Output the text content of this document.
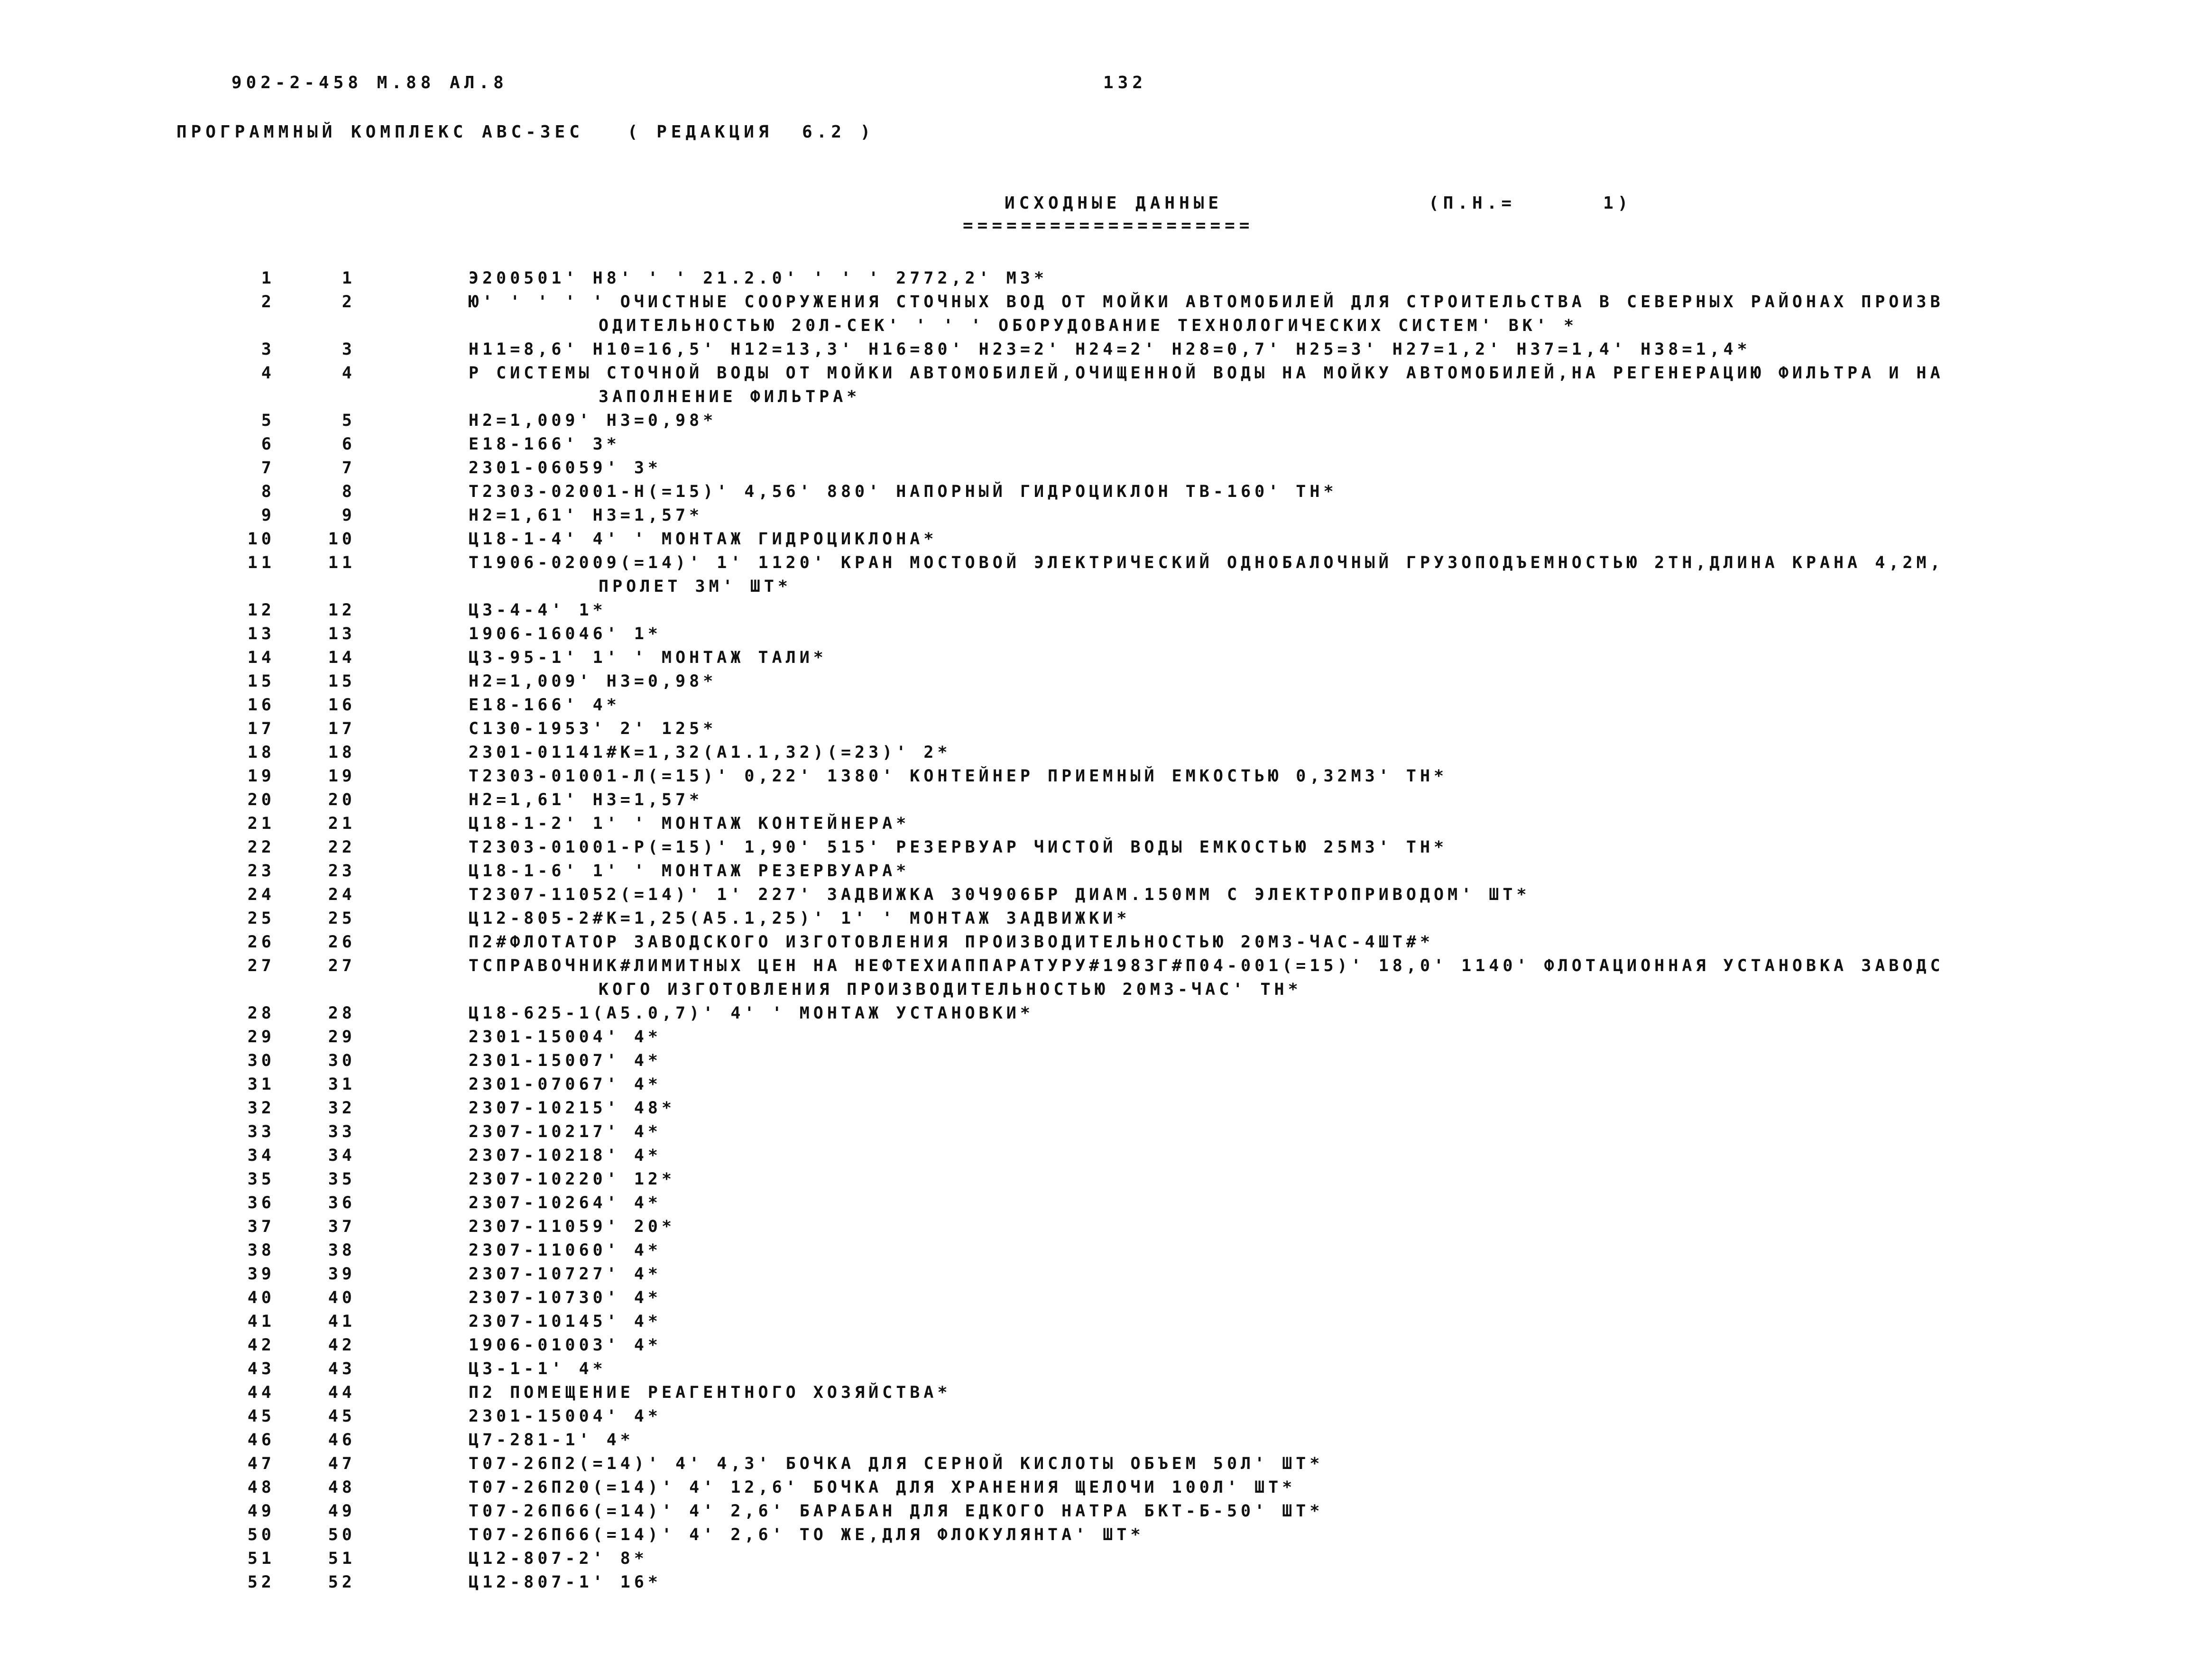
902-2-458 М.88 АЛ.8	132
ПРОГРАММНЫЙ КОМПЛЕКС АВС-3ЕС   ( РЕДАКЦИЯ  6.2 )
ИСХОДНЫЕ ДАННЫЕ	(П.Н.=      1)
====================
1	1	Э200501' Н8' ' ' 21.2.0' ' ' ' 2772,2' М3*
2	2	Ю' ' ' ' ' ОЧИСТНЫЕ СООРУЖЕНИЯ СТОЧНЫХ ВОД ОТ МОЙКИ АВТОМОБИЛЕЙ ДЛЯ СТРОИТЕЛЬСТВА В СЕВЕРНЫХ РАЙОНАХ ПРОИЗВ
ОДИТЕЛЬНОСТЬЮ 20Л-СЕК' ' ' ' ОБОРУДОВАНИЕ ТЕХНОЛОГИЧЕСКИХ СИСТЕМ' ВК' *
3	3	Н11=8,6' Н10=16,5' Н12=13,3' Н16=80' Н23=2' Н24=2' Н28=0,7' Н25=3' Н27=1,2' Н37=1,4' Н38=1,4*
4	4	Р СИСТЕМЫ СТОЧНОЙ ВОДЫ ОТ МОЙКИ АВТОМОБИЛЕЙ,ОЧИЩЕННОЙ ВОДЫ НА МОЙКУ АВТОМОБИЛЕЙ,НА РЕГЕНЕРАЦИЮ ФИЛЬТРА И НА
ЗАПОЛНЕНИЕ ФИЛЬТРА*
5	5	Н2=1,009' Н3=0,98*
6	6	Е18-166' 3*
7	7	2301-06059' 3*
8	8	Т2303-02001-Н(=15)' 4,56' 880' НАПОРНЫЙ ГИДРОЦИКЛОН ТВ-160' ТН*
9	9	Н2=1,61' Н3=1,57*
10	10	Ц18-1-4' 4' ' МОНТАЖ ГИДРОЦИКЛОНА*
11	11	Т1906-02009(=14)' 1' 1120' КРАН МОСТОВОЙ ЭЛЕКТРИЧЕСКИЙ ОДНОБАЛОЧНЫЙ ГРУЗОПОДЪЕМНОСТЬЮ 2ТН,ДЛИНА КРАНА 4,2М,
ПРОЛЕТ 3М' ШТ*
12	12	Ц3-4-4' 1*
13	13	1906-16046' 1*
14	14	Ц3-95-1' 1' ' МОНТАЖ ТАЛИ*
15	15	Н2=1,009' Н3=0,98*
16	16	Е18-166' 4*
17	17	С130-1953' 2' 125*
18	18	2301-01141#К=1,32(А1.1,32)(=23)' 2*
19	19	Т2303-01001-Л(=15)' 0,22' 1380' КОНТЕЙНЕР ПРИЕМНЫЙ ЕМКОСТЬЮ 0,32М3' ТН*
20	20	Н2=1,61' Н3=1,57*
21	21	Ц18-1-2' 1' ' МОНТАЖ КОНТЕЙНЕРА*
22	22	Т2303-01001-Р(=15)' 1,90' 515' РЕЗЕРВУАР ЧИСТОЙ ВОДЫ ЕМКОСТЬЮ 25М3' ТН*
23	23	Ц18-1-6' 1' ' МОНТАЖ РЕЗЕРВУАРА*
24	24	Т2307-11052(=14)' 1' 227' ЗАДВИЖКА 30Ч906БР ДИАМ.150ММ С ЭЛЕКТРОПРИВОДОМ' ШТ*
25	25	Ц12-805-2#К=1,25(А5.1,25)' 1' ' МОНТАЖ ЗАДВИЖКИ*
26	26	П2#ФЛОТАТОР ЗАВОДСКОГО ИЗГОТОВЛЕНИЯ ПРОИЗВОДИТЕЛЬНОСТЬЮ 20М3-ЧАС-4ШТ#*
27	27	ТСПРАВОЧНИК#ЛИМИТНЫХ ЦЕН НА НЕФТЕХИАППАРАТУРУ#1983Г#П04-001(=15)' 18,0' 1140' ФЛОТАЦИОННАЯ УСТАНОВКА ЗАВОДС
КОГО ИЗГОТОВЛЕНИЯ ПРОИЗВОДИТЕЛЬНОСТЬЮ 20М3-ЧАС' ТН*
28	28	Ц18-625-1(А5.0,7)' 4' ' МОНТАЖ УСТАНОВКИ*
29	29	2301-15004' 4*
30	30	2301-15007' 4*
31	31	2301-07067' 4*
32	32	2307-10215' 48*
33	33	2307-10217' 4*
34	34	2307-10218' 4*
35	35	2307-10220' 12*
36	36	2307-10264' 4*
37	37	2307-11059' 20*
38	38	2307-11060' 4*
39	39	2307-10727' 4*
40	40	2307-10730' 4*
41	41	2307-10145' 4*
42	42	1906-01003' 4*
43	43	Ц3-1-1' 4*
44	44	П2 ПОМЕЩЕНИЕ РЕАГЕНТНОГО ХОЗЯЙСТВА*
45	45	2301-15004' 4*
46	46	Ц7-281-1' 4*
47	47	Т07-26П2(=14)' 4' 4,3' БОЧКА ДЛЯ СЕРНОЙ КИСЛОТЫ ОБЪЕМ 50Л' ШТ*
48	48	Т07-26П20(=14)' 4' 12,6' БОЧКА ДЛЯ ХРАНЕНИЯ ЩЕЛОЧИ 100Л' ШТ*
49	49	Т07-26П66(=14)' 4' 2,6' БАРАБАН ДЛЯ ЕДКОГО НАТРА БКТ-Б-50' ШТ*
50	50	Т07-26П66(=14)' 4' 2,6' ТО ЖЕ,ДЛЯ ФЛОКУЛЯНТА' ШТ*
51	51	Ц12-807-2' 8*
52	52	Ц12-807-1' 16*
